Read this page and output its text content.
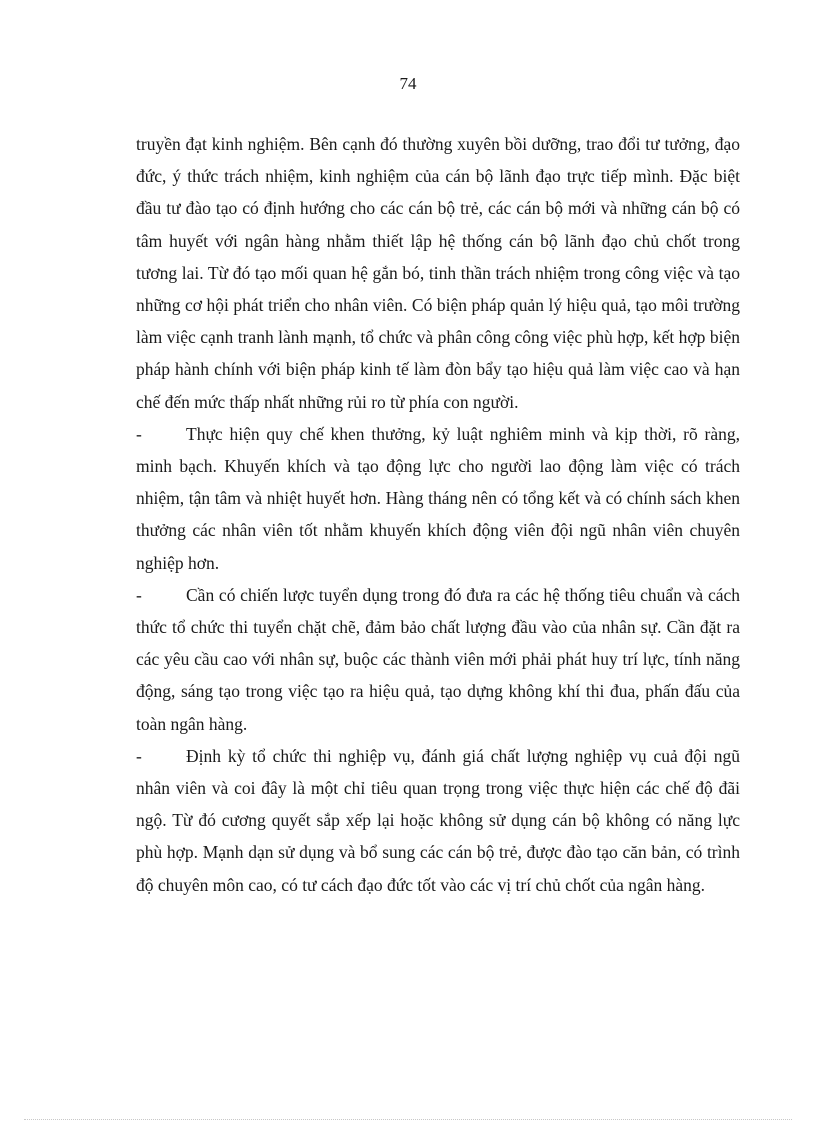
74

truyền đạt kinh nghiệm. Bên cạnh đó thường xuyên bồi dưỡng, trao đổi tư tưởng, đạo đức, ý thức trách nhiệm, kinh nghiệm của cán bộ lãnh đạo trực tiếp mình. Đặc biệt đầu tư đào tạo có định hướng cho các cán bộ trẻ, các cán bộ mới và những cán bộ có tâm huyết với ngân hàng nhằm thiết lập hệ thống cán bộ lãnh đạo chủ chốt trong tương lai. Từ đó tạo mối quan hệ gắn bó, tinh thần trách nhiệm trong công việc và tạo những cơ hội phát triển cho nhân viên. Có biện pháp quản lý hiệu quả, tạo môi trường làm việc cạnh tranh lành mạnh, tổ chức và phân công công việc phù hợp, kết hợp biện pháp hành chính với biện pháp kinh tế làm đòn bẩy tạo hiệu quả làm việc cao và hạn chế đến mức thấp nhất những rủi ro từ phía con người.

-	Thực hiện quy chế khen thưởng, kỷ luật nghiêm minh và kịp thời, rõ ràng, minh bạch. Khuyến khích và tạo động lực cho người lao động làm việc có trách nhiệm, tận tâm và nhiệt huyết hơn. Hàng tháng nên có tổng kết và có chính sách khen thưởng các nhân viên tốt nhằm khuyến khích động viên đội ngũ nhân viên chuyên nghiệp hơn.

-	Cần có chiến lược tuyển dụng trong đó đưa ra các hệ thống tiêu chuẩn và cách thức tổ chức thi tuyển chặt chẽ, đảm bảo chất lượng đầu vào của nhân sự. Cần đặt ra các yêu cầu cao với nhân sự, buộc các thành viên mới phải phát huy trí lực, tính năng động, sáng tạo trong việc tạo ra hiệu quả, tạo dựng không khí thi đua, phấn đấu của toàn ngân hàng.

-	Định kỳ tổ chức thi nghiệp vụ, đánh giá chất lượng nghiệp vụ cuả đội ngũ nhân viên và coi đây là một chỉ tiêu quan trọng trong việc thực hiện các chế độ đãi ngộ. Từ đó cương quyết sắp xếp lại hoặc không sử dụng cán bộ không có năng lực phù hợp. Mạnh dạn sử dụng và bổ sung các cán bộ trẻ, được đào tạo căn bản, có trình độ chuyên môn cao, có tư cách đạo đức tốt vào các vị trí chủ chốt của ngân hàng.
